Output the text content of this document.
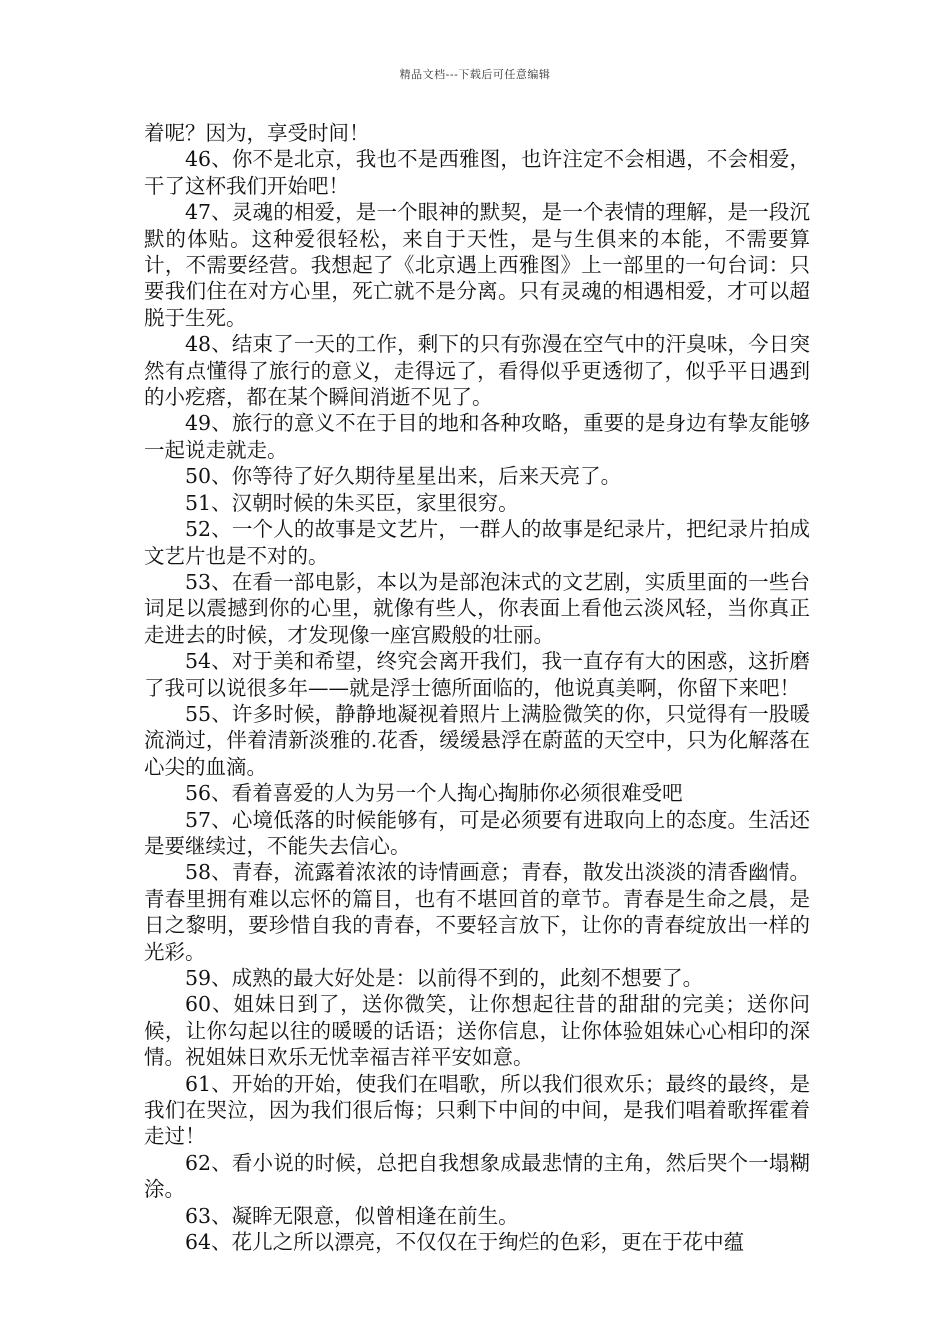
精品文档---下载后可任意编辑

着呢？因为，享受时间！

46、你不是北京，我也不是西雅图，也许注定不会相遇，不会相爱，干了这杯我们开始吧！

47、灵魂的相爱，是一个眼神的默契，是一个表情的理解，是一段沉默的体贴。这种爱很轻松，来自于天性，是与生俱来的本能，不需要算计，不需要经营。我想起了《北京遇上西雅图》上一部里的一句台词：只要我们住在对方心里，死亡就不是分离。只有灵魂的相遇相爱，才可以超脱于生死。

48、结束了一天的工作，剩下的只有弥漫在空气中的汗臭味，今日突然有点懂得了旅行的意义，走得远了，看得似乎更透彻了，似乎平日遇到的小疙瘩，都在某个瞬间消逝不见了。

49、旅行的意义不在于目的地和各种攻略，重要的是身边有挚友能够一起说走就走。

50、你等待了好久期待星星出来，后来天亮了。

51、汉朝时候的朱买臣，家里很穷。

52、一个人的故事是文艺片，一群人的故事是纪录片，把纪录片拍成文艺片也是不对的。

53、在看一部电影，本以为是部泡沫式的文艺剧，实质里面的一些台词足以震撼到你的心里，就像有些人，你表面上看他云淡风轻，当你真正走进去的时候，才发现像一座宫殿般的壮丽。

54、对于美和希望，终究会离开我们，我一直存有大的困惑，这折磨了我可以说很多年——就是浮士德所面临的，他说真美啊，你留下来吧！

55、许多时候，静静地凝视着照片上满脸微笑的你，只觉得有一股暖流淌过，伴着清新淡雅的.花香，缓缓悬浮在蔚蓝的天空中，只为化解落在心尖的血滴。

56、看着喜爱的人为另一个人掏心掏肺你必须很难受吧

57、心境低落的时候能够有，可是必须要有进取向上的态度。生活还是要继续过，不能失去信心。

58、青春，流露着浓浓的诗情画意；青春，散发出淡淡的清香幽情。青春里拥有难以忘怀的篇目，也有不堪回首的章节。青春是生命之晨，是日之黎明，要珍惜自我的青春，不要轻言放下，让你的青春绽放出一样的光彩。

59、成熟的最大好处是：以前得不到的，此刻不想要了。

60、姐妹日到了，送你微笑，让你想起往昔的甜甜的完美；送你问候，让你勾起以往的暖暖的话语；送你信息，让你体验姐妹心心相印的深情。祝姐妹日欢乐无忧幸福吉祥平安如意。

61、开始的开始，使我们在唱歌，所以我们很欢乐；最终的最终，是我们在哭泣，因为我们很后悔；只剩下中间的中间，是我们唱着歌挥霍着走过！

62、看小说的时候，总把自我想象成最悲情的主角，然后哭个一塌糊涂。

63、凝眸无限意，似曾相逢在前生。

64、花儿之所以漂亮，不仅仅在于绚烂的色彩，更在于花中蕴
